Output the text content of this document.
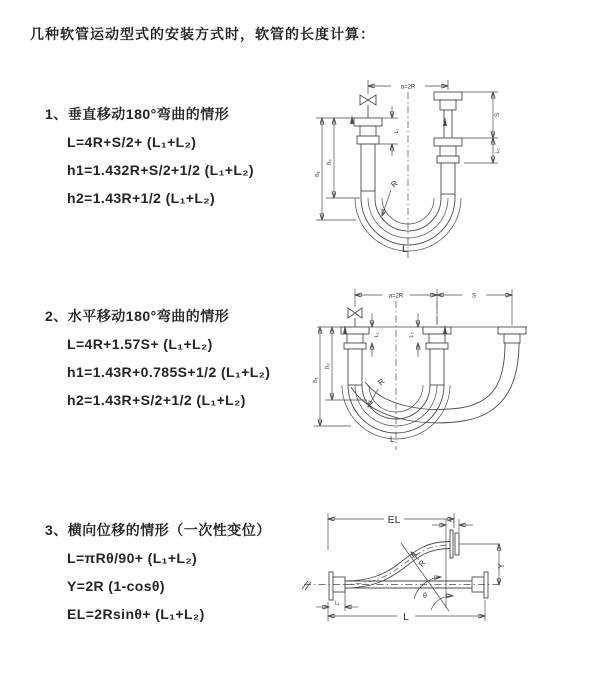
几种软管运动型式的安装方式时，软管的长度计算：
1、垂直移动180°弯曲的情形
L=4R+S/2+ (L₁+L₂)
h1=1.432R+S/2+1/2 (L₁+L₂)
h2=1.43R+1/2 (L₁+L₂)
2、水平移动180°弯曲的情形
L=4R+1.57S+ (L₁+L₂)
h1=1.43R+0.785S+1/2 (L₁+L₂)
h2=1.43R+S/2+1/2 (L₁+L₂)
3、横向位移的情形（一次性变位）
L=πRθ/90+ (L₁+L₂)
Y=2R (1-cosθ)
EL=2Rsinθ+ (L₁+L₂)
a=2R
h₂
h₁
L₁
S
L₂
R
L
a=2R	S
h₂
h₁
L₁	L₂
R
L
EL	L₂
Y
L
L₁
R
θ
